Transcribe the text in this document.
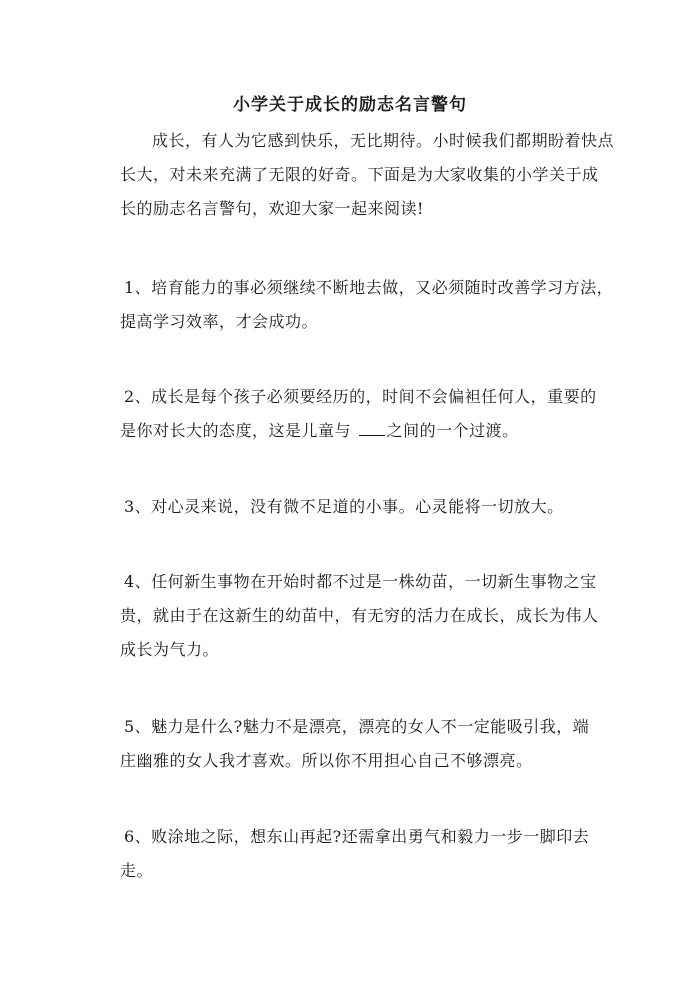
小学关于成长的励志名言警句
成长，有人为它感到快乐，无比期待。小时候我们都期盼着快点
长大，对未来充满了无限的好奇。下面是为大家收集的小学关于成
长的励志名言警句，欢迎大家一起来阅读!
1、培育能力的事必须继续不断地去做，又必须随时改善学习方法，
提高学习效率，才会成功。
2、成长是每个孩子必须要经历的，时间不会偏袒任何人，重要的
是你对长大的态度，这是儿童与 之间的一个过渡。
3、对心灵来说，没有微不足道的小事。心灵能将一切放大。
4、任何新生事物在开始时都不过是一株幼苗，一切新生事物之宝
贵，就由于在这新生的幼苗中，有无穷的活力在成长，成长为伟人
成长为气力。
5、魅力是什么?魅力不是漂亮，漂亮的女人不一定能吸引我，端
庄幽雅的女人我才喜欢。所以你不用担心自己不够漂亮。
6、败涂地之际，想东山再起?还需拿出勇气和毅力一步一脚印去
走。
